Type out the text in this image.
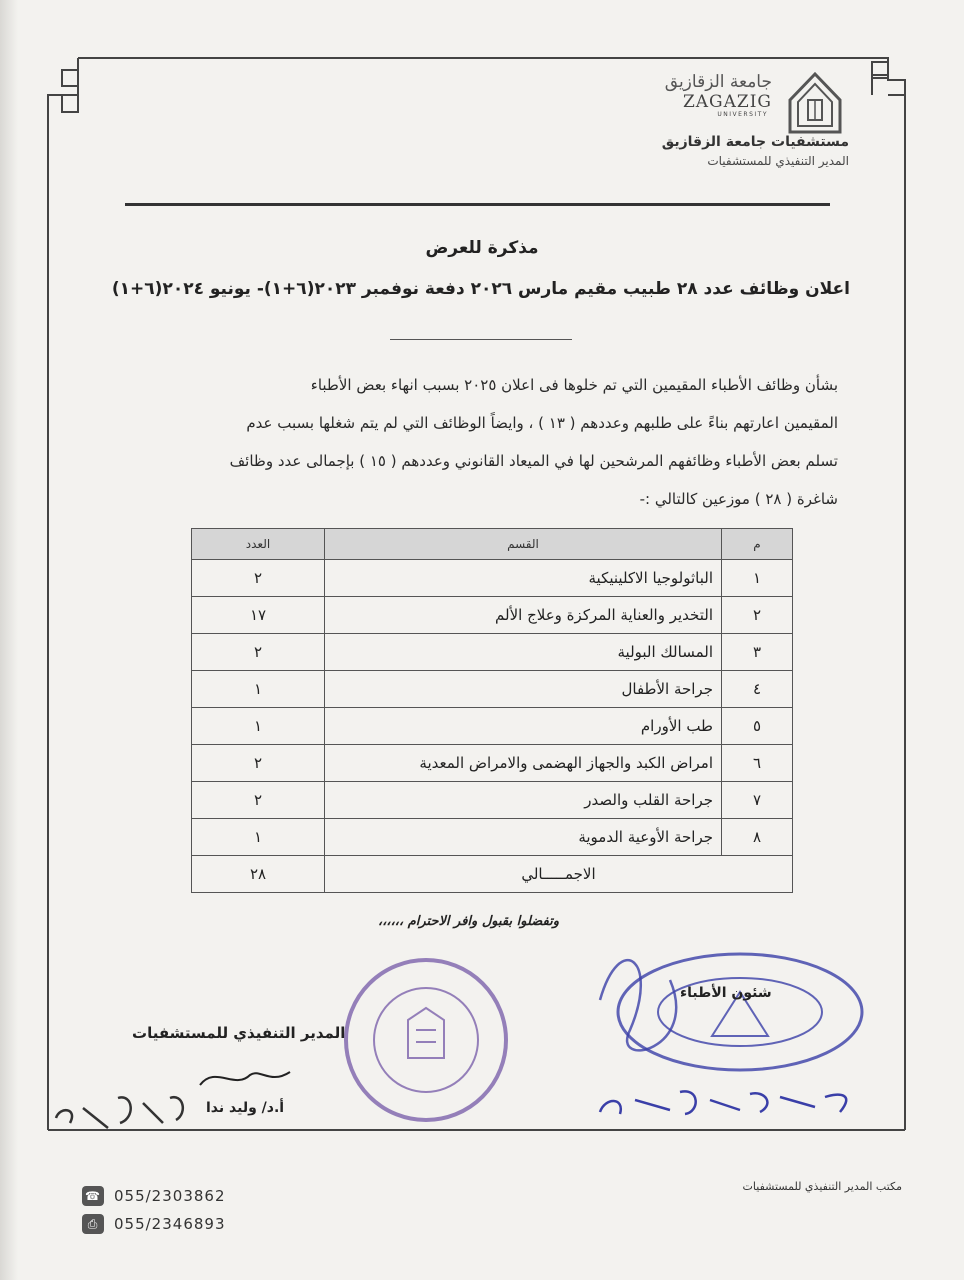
جامعة الزقازيق
ZAGAZIG
UNIVERSITY
مستشفيات جامعة الزقازيق
المدير التنفيذي للمستشفيات
مذكرة للعرض
اعلان وظائف عدد ٢٨ طبيب مقيم مارس ٢٠٢٦ دفعة نوفمبر ٢٠٢٣(٦+١)- يونيو ٢٠٢٤(٦+١)
بشأن وظائف الأطباء المقيمين التي تم خلوها فى اعلان ٢٠٢٥ بسبب انهاء بعض الأطباء
المقيمين اعارتهم بناءً على طلبهم وعددهم ( ١٣ ) ، وايضاً الوظائف التي لم يتم شغلها بسبب عدم
تسلم بعض الأطباء وظائفهم المرشحين لها في الميعاد القانوني وعددهم ( ١٥ ) بإجمالى عدد وظائف
شاغرة ( ٢٨ ) موزعين كالتالي :-
م	القسم	العدد
١	الباثولوجيا الاكلينيكية	٢
٢	التخدير والعناية المركزة وعلاج الألم	١٧
٣	المسالك البولية	٢
٤	جراحة الأطفال	١
٥	طب الأورام	١
٦	امراض الكبد والجهاز الهضمى والامراض المعدية	٢
٧	جراحة القلب والصدر	٢
٨	جراحة الأوعية الدموية	١
الاجمـــــالي		٢٨
وتفضلوا بقبول وافر الاحترام ،،،،،،
شئون الأطباء
المدير التنفيذي للمستشفيات
أ.د/ وليد ندا
مكتب المدير التنفيذي للمستشفيات
☎ 055/2303862
⎙	055/2346893
